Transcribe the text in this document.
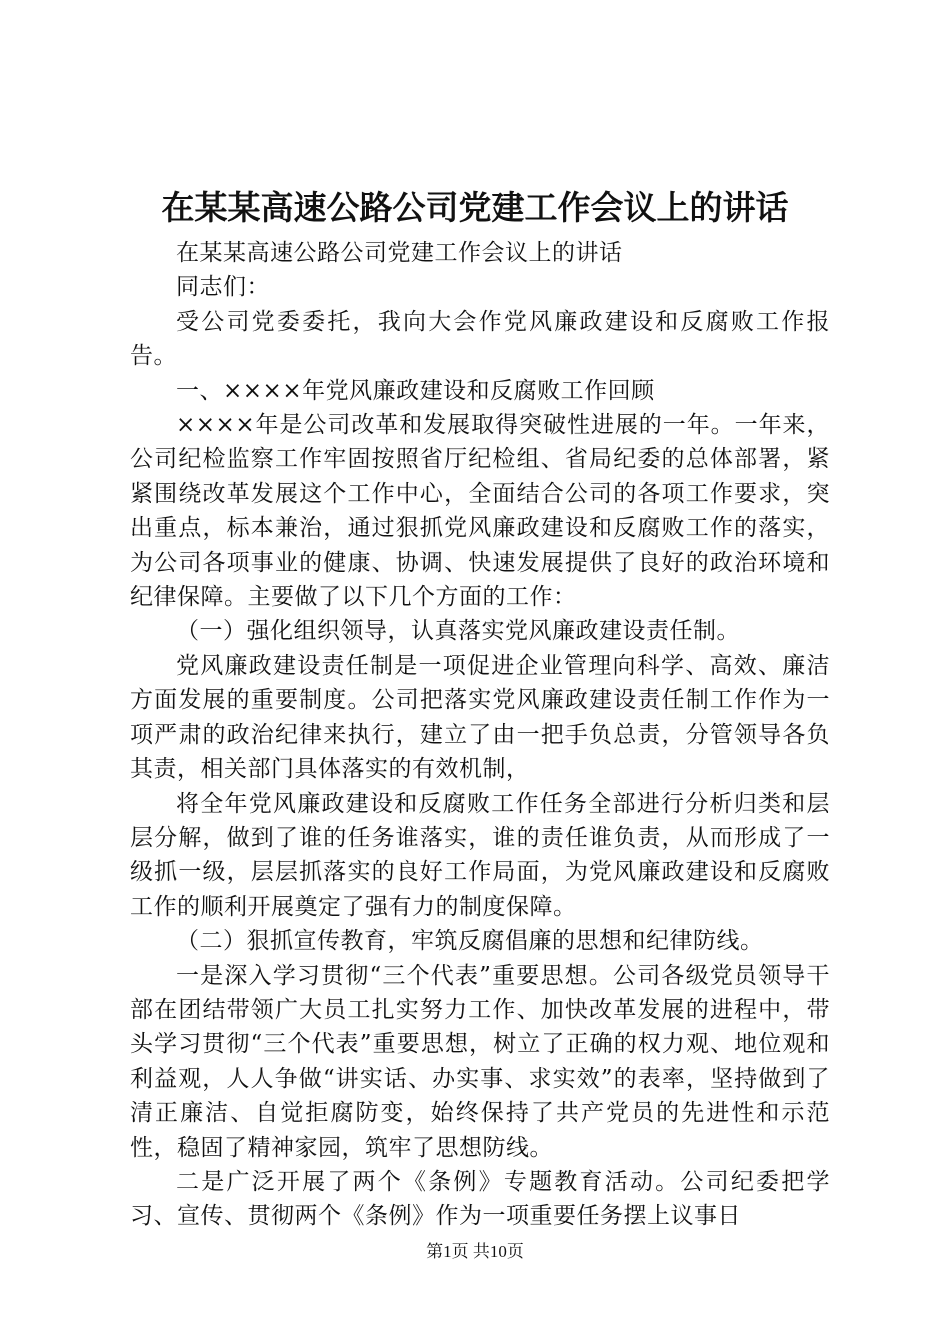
在某某高速公路公司党建工作会议上的讲话

在某某高速公路公司党建工作会议上的讲话

同志们：

受公司党委委托，我向大会作党风廉政建设和反腐败工作报告。

一、××××年党风廉政建设和反腐败工作回顾

××××年是公司改革和发展取得突破性进展的一年。一年来，公司纪检监察工作牢固按照省厅纪检组、省局纪委的总体部署，紧紧围绕改革发展这个工作中心，全面结合公司的各项工作要求，突出重点，标本兼治，通过狠抓党风廉政建设和反腐败工作的落实，为公司各项事业的健康、协调、快速发展提供了良好的政治环境和纪律保障。主要做了以下几个方面的工作：

（一）强化组织领导，认真落实党风廉政建设责任制。

党风廉政建设责任制是一项促进企业管理向科学、高效、廉洁方面发展的重要制度。公司把落实党风廉政建设责任制工作作为一项严肃的政治纪律来执行，建立了由一把手负总责，分管领导各负其责，相关部门具体落实的有效机制，

将全年党风廉政建设和反腐败工作任务全部进行分析归类和层层分解，做到了谁的任务谁落实，谁的责任谁负责，从而形成了一级抓一级，层层抓落实的良好工作局面，为党风廉政建设和反腐败工作的顺利开展奠定了强有力的制度保障。

（二）狠抓宣传教育，牢筑反腐倡廉的思想和纪律防线。

一是深入学习贯彻“三个代表”重要思想。公司各级党员领导干部在团结带领广大员工扎实努力工作、加快改革发展的进程中，带头学习贯彻“三个代表”重要思想，树立了正确的权力观、地位观和利益观，人人争做“讲实话、办实事、求实效”的表率，坚持做到了清正廉洁、自觉拒腐防变，始终保持了共产党员的先进性和示范性，稳固了精神家园，筑牢了思想防线。

二是广泛开展了两个《条例》专题教育活动。公司纪委把学习、宣传、贯彻两个《条例》作为一项重要任务摆上议事日

第1页 共10页
